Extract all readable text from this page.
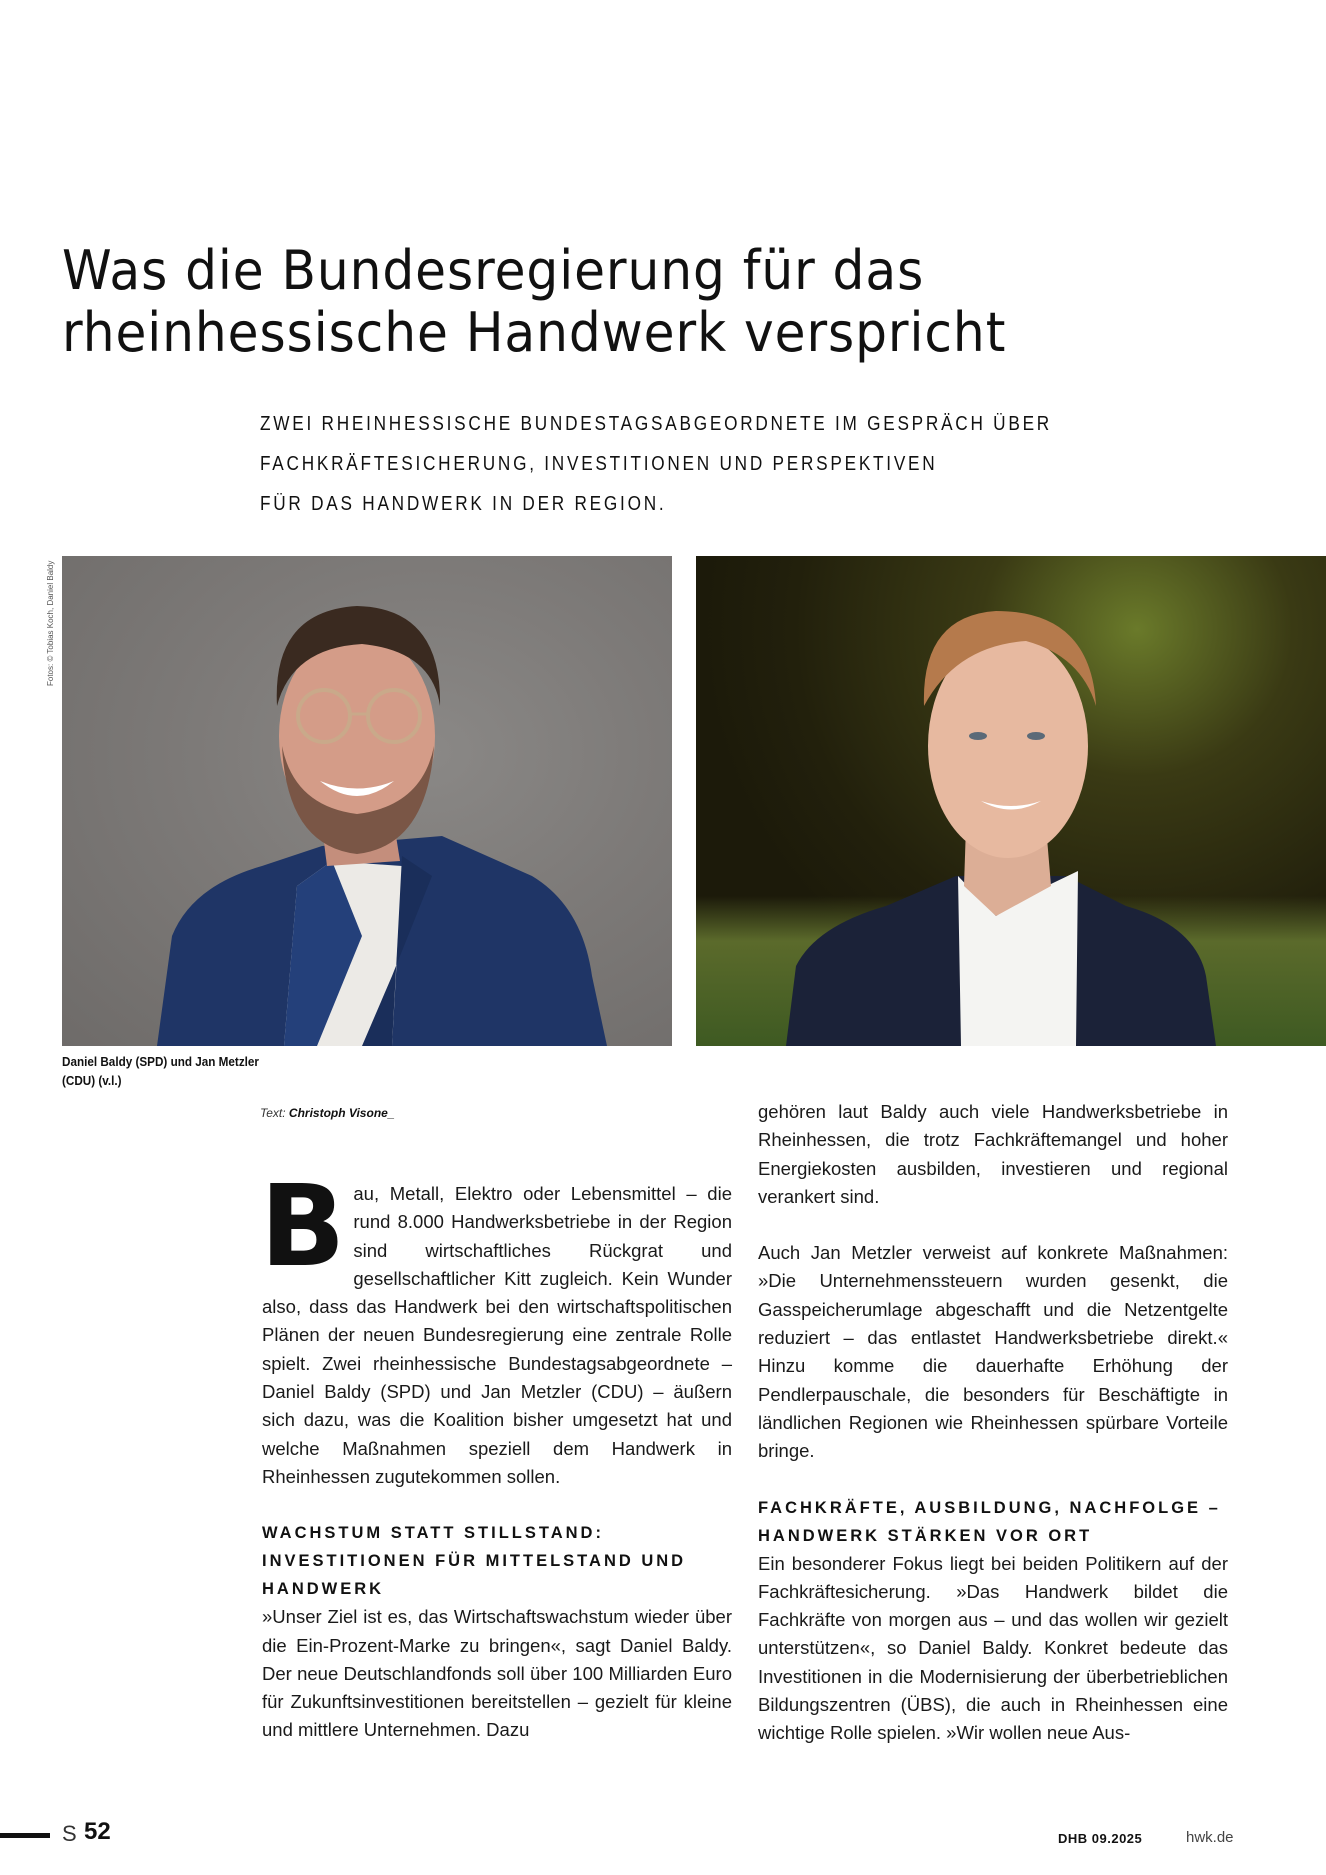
Was die Bundesregierung für das
rheinhessische Handwerk verspricht
ZWEI RHEINHESSISCHE BUNDESTAGSABGEORDNETE IM GESPRÄCH ÜBER
FACHKRÄFTESICHERUNG, INVESTITIONEN UND PERSPEKTIVEN
FÜR DAS HANDWERK IN DER REGION.
Fotos: © Tobias Koch, Daniel Baldy
Daniel Baldy (SPD) und Jan Metzler (CDU) (v.l.)
Text: Christoph Visone_

B au, Metall, Elektro oder Lebensmittel – die rund 8.000 Handwerksbetriebe in der Region sind wirtschaftliches Rückgrat und gesellschaftlicher Kitt zugleich. Kein Wunder also, dass das Handwerk bei den wirtschaftspolitischen Plänen der neuen Bundesregierung eine zentrale Rolle spielt. Zwei rheinhessische Bundestagsabgeordnete – Daniel Baldy (SPD) und Jan Metzler (CDU) – äußern sich dazu, was die Koalition bisher umgesetzt hat und welche Maßnahmen speziell dem Handwerk in Rheinhessen zugutekommen sollen.

WACHSTUM STATT STILLSTAND: INVESTITIONEN FÜR MITTELSTAND UND HANDWERK

»Unser Ziel ist es, das Wirtschaftswachstum wieder über die Ein-Prozent-Marke zu bringen«, sagt Daniel Baldy. Der neue Deutschlandfonds soll über 100 Milliarden Euro für Zukunftsinvestitionen bereitstellen – gezielt für kleine und mittlere Unternehmen. Dazu

gehören laut Baldy auch viele Handwerksbetriebe in Rheinhessen, die trotz Fachkräftemangel und hoher Energiekosten ausbilden, investieren und regional verankert sind.

Auch Jan Metzler verweist auf konkrete Maßnahmen: »Die Unternehmenssteuern wurden gesenkt, die Gasspeicherumlage abgeschafft und die Netzentgelte reduziert – das entlastet Handwerksbetriebe direkt.« Hinzu komme die dauerhafte Erhöhung der Pendlerpauschale, die besonders für Beschäftigte in ländlichen Regionen wie Rheinhessen spürbare Vorteile bringe.

FACHKRÄFTE, AUSBILDUNG, NACHFOLGE – HANDWERK STÄRKEN VOR ORT

Ein besonderer Fokus liegt bei beiden Politikern auf der Fachkräftesicherung. »Das Handwerk bildet die Fachkräfte von morgen aus – und das wollen wir gezielt unterstützen«, so Daniel Baldy. Konkret bedeute das Investitionen in die Modernisierung der überbetrieblichen Bildungszentren (ÜBS), die auch in Rheinhessen eine wichtige Rolle spielen. »Wir wollen neue Aus-

S 52	DHB 09.2025	hwk.de
